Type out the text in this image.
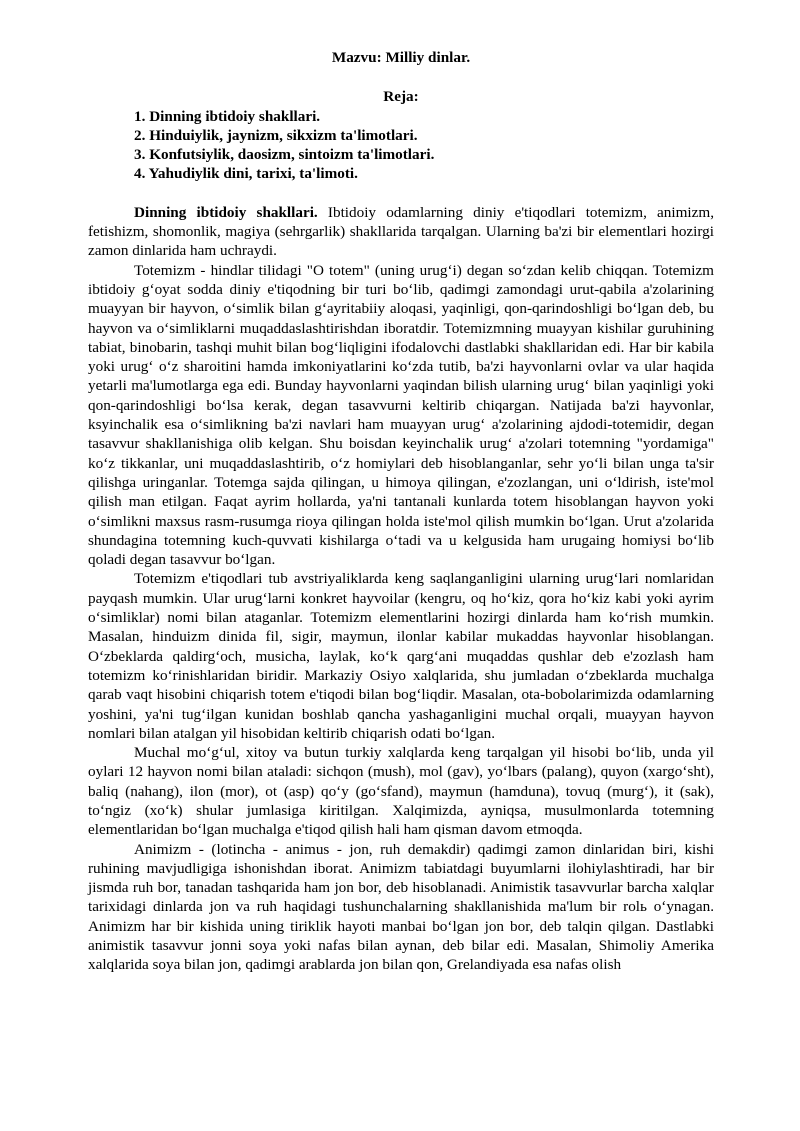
Mazvu: Milliy dinlar.
Reja:
1. Dinning ibtidoiy shakllari.
2. Hinduiylik, jaynizm, sikxizm ta'limotlari.
3. Konfutsiylik, daosizm, sintoizm ta'limotlari.
4. Yahudiylik dini, tarixi, ta'limoti.

Dinning ibtidoiy shakllari. Ibtidoiy odamlarning diniy e'tiqodlari totemizm, animizm, fetishizm, shomonlik, magiya (sehrgarlik) shakllarida tarqalgan. Ularning ba'zi bir elementlari hozirgi zamon dinlarida ham uchraydi.

Totemizm - hindlar tilidagi "O totem" (uning urug‘i) degan so‘zdan kelib chiqqan. Totemizm ibtidoiy g‘oyat sodda diniy e'tiqodning bir turi bo‘lib, qadimgi zamondagi urut-qabila a'zolarining muayyan bir hayvon, o‘simlik bilan g‘ayritabiiy aloqasi, yaqinligi, qon-qarindoshligi bo‘lgan deb, bu hayvon va o‘simliklarni muqaddaslashtirishdan iboratdir. Totemizmning muayyan kishilar guruhining tabiat, binobarin, tashqi muhit bilan bog‘liqligini ifodalovchi dastlabki shakllaridan edi. Har bir kabila yoki urug‘ o‘z sharoitini hamda imkoniyatlarini ko‘zda tutib, ba'zi hayvonlarni ovlar va ular haqida yetarli ma'lumotlarga ega edi. Bunday hayvonlarni yaqindan bilish ularning urug‘ bilan yaqinligi yoki qon-qarindoshligi bo‘lsa kerak, degan tasavvurni keltirib chiqargan. Natijada ba'zi hayvonlar, ksyinchalik esa o‘simlikning ba'zi navlari ham muayyan urug‘ a'zolarining ajdodi-totemidir, degan tasavvur shakllanishiga olib kelgan. Shu boisdan keyinchalik urug‘ a'zolari totemning "yordamiga" ko‘z tikkanlar, uni muqaddaslashtirib, o‘z homiylari deb hisoblanganlar, sehr yo‘li bilan unga ta'sir qilishga uringanlar. Totemga sajda qilingan, u himoya qilingan, e'zozlangan, uni o‘ldirish, iste'mol qilish man etilgan. Faqat ayrim hollarda, ya'ni tantanali kunlarda totem hisoblangan hayvon yoki o‘simlikni maxsus rasm-rusumga rioya qilingan holda iste'mol qilish mumkin bo‘lgan. Urut a'zolarida shundagina totemning kuch-quvvati kishilarga o‘tadi va u kelgusida ham urugaing homiysi bo‘lib qoladi degan tasavvur bo‘lgan.

Totemizm e'tiqodlari tub avstriyaliklarda keng saqlanganligini ularning urug‘lari nomlaridan payqash mumkin. Ular urug‘larni konkret hayvoilar (kengru, oq ho‘kiz, qora ho‘kiz kabi yoki ayrim o‘simliklar) nomi bilan ataganlar. Totemizm elementlarini hozirgi dinlarda ham ko‘rish mumkin. Masalan, hinduizm dinida fil, sigir, maymun, ilonlar kabilar mukaddas hayvonlar hisoblangan. O‘zbeklarda qaldirg‘och, musicha, laylak, ko‘k qarg‘ani muqaddas qushlar deb e'zozlash ham totemizm ko‘rinishlaridan biridir. Markaziy Osiyo xalqlarida, shu jumladan o‘zbeklarda muchalga qarab vaqt hisobini chiqarish totem e'tiqodi bilan bog‘liqdir. Masalan, ota-bobolarimizda odamlarning yoshini, ya'ni tug‘ilgan kunidan boshlab qancha yashaganligini muchal orqali, muayyan hayvon nomlari bilan atalgan yil hisobidan keltirib chiqarish odati bo‘lgan.

Muchal mo‘g‘ul, xitoy va butun turkiy xalqlarda keng tarqalgan yil hisobi bo‘lib, unda yil oylari 12 hayvon nomi bilan ataladi: sichqon (mush), mol (gav), yo‘lbars (palang), quyon (xargo‘sht), baliq (nahang), ilon (mor), ot (asp) qo‘y (go‘sfand), maymun (hamduna), tovuq (murg‘), it (sak), to‘ngiz (xo‘k) shular jumlasiga kiritilgan. Xalqimizda, ayniqsa, musulmonlarda totemning elementlaridan bo‘lgan muchalga e'tiqod qilish hali ham qisman davom etmoqda.

Animizm - (lotincha - animus - jon, ruh demakdir) qadimgi zamon dinlaridan biri, kishi ruhining mavjudligiga ishonishdan iborat. Animizm tabiatdagi buyumlarni ilohiylashtiradi, har bir jismda ruh bor, tanadan tashqarida ham jon bor, deb hisoblanadi. Animistik tasavvurlar barcha xalqlar tarixidagi dinlarda jon va ruh haqidagi tushunchalarning shakllanishida ma'lum bir rolь o‘ynagan. Animizm har bir kishida uning tiriklik hayoti manbai bo‘lgan jon bor, deb talqin qilgan. Dastlabki animistik tasavvur jonni soya yoki nafas bilan aynan, deb bilar edi. Masalan, Shimoliy Amerika xalqlarida soya bilan jon, qadimgi arablarda jon bilan qon, Grelandiyada esa nafas olish
